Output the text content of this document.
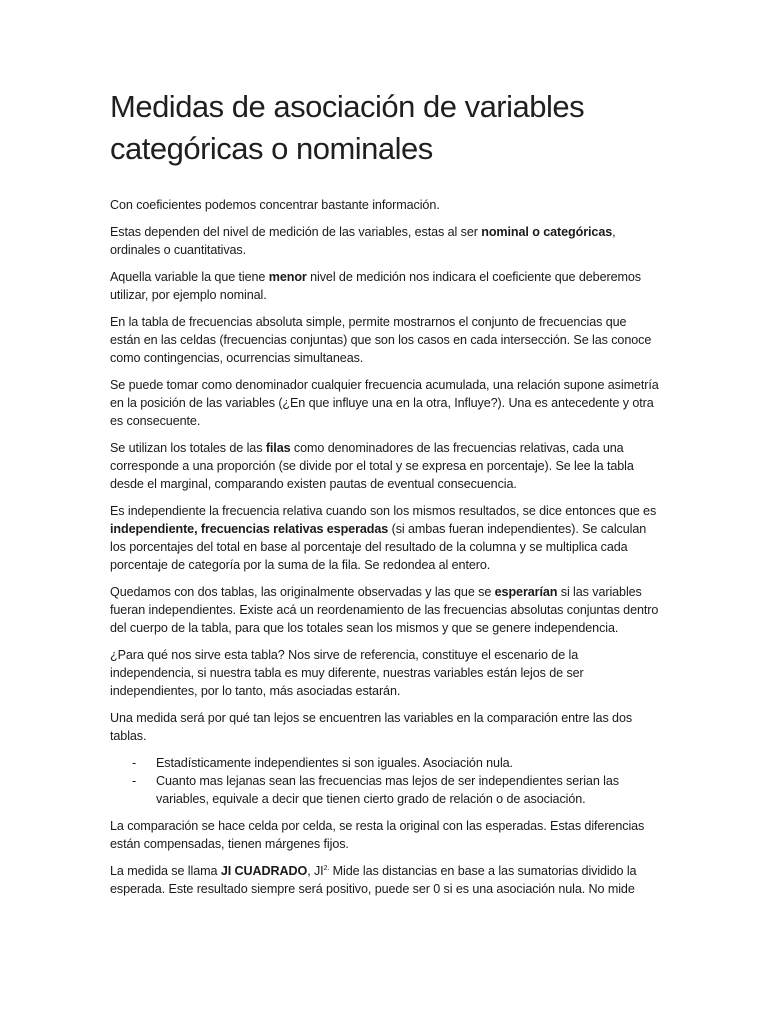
Medidas de asociación de variables categóricas o nominales

Con coeficientes podemos concentrar bastante información.

Estas dependen del nivel de medición de las variables, estas al ser nominal o categóricas, ordinales o cuantitativas.

Aquella variable la que tiene menor nivel de medición nos indicara el coeficiente que deberemos utilizar, por ejemplo nominal.

En la tabla de frecuencias absoluta simple, permite mostrarnos el conjunto de frecuencias que están en las celdas (frecuencias conjuntas) que son los casos en cada intersección. Se las conoce como contingencias, ocurrencias simultaneas.

Se puede tomar como denominador cualquier frecuencia acumulada, una relación supone asimetría en la posición de las variables (¿En que influye una en la otra, Influye?). Una es antecedente y otra es consecuente.

Se utilizan los totales de las filas como denominadores de las frecuencias relativas, cada una corresponde a una proporción (se divide por el total y se expresa en porcentaje). Se lee la tabla desde el marginal, comparando existen pautas de eventual consecuencia.

Es independiente la frecuencia relativa cuando son los mismos resultados, se dice entonces que es independiente, frecuencias relativas esperadas (si ambas fueran independientes). Se calculan los porcentajes del total en base al porcentaje del resultado de la columna y se multiplica cada porcentaje de categoría por la suma de la fila. Se redondea al entero.

Quedamos con dos tablas, las originalmente observadas y las que se esperarían si las variables fueran independientes. Existe acá un reordenamiento de las frecuencias absolutas conjuntas dentro del cuerpo de la tabla, para que los totales sean los mismos y que se genere independencia.

¿Para qué nos sirve esta tabla? Nos sirve de referencia, constituye el escenario de la independencia, si nuestra tabla es muy diferente, nuestras variables están lejos de ser independientes, por lo tanto, más asociadas estarán.

Una medida será por qué tan lejos se encuentren las variables en la comparación entre las dos tablas.

- Estadísticamente independientes si son iguales. Asociación nula.
- Cuanto mas lejanas sean las frecuencias mas lejos de ser independientes serian las variables, equivale a decir que tienen cierto grado de relación o de asociación.

La comparación se hace celda por celda, se resta la original con las esperadas. Estas diferencias están compensadas, tienen márgenes fijos.

La medida se llama JI CUADRADO, $JI^{2.}$ Mide las distancias en base a las sumatorias dividido la esperada. Este resultado siempre será positivo, puede ser 0 si es una asociación nula. No mide
